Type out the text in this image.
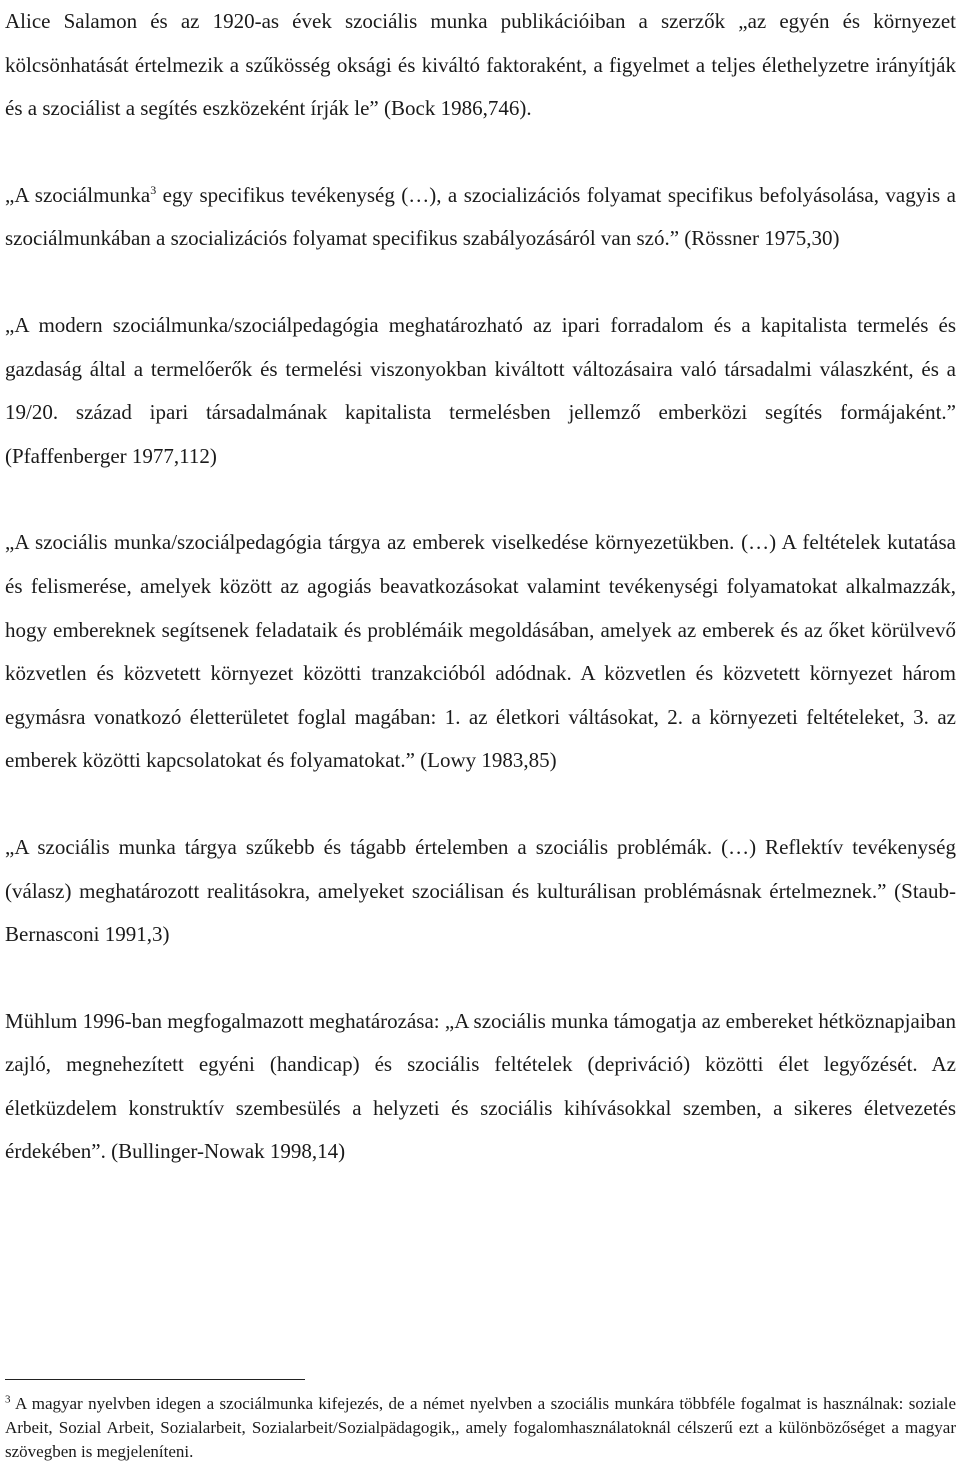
Alice Salamon és az 1920-as évek szociális munka publikációiban a szerzők „az egyén és környezet kölcsönhatását értelmezik a szűkösség oksági és kiváltó faktoraként, a figyelmet a teljes élethelyzetre irányítják és a szociálist a segítés eszközeként írják le” (Bock 1986,746).

„A szociálmunka$^3$ egy specifikus tevékenység (…), a szocializációs folyamat specifikus befolyásolása, vagyis a szociálmunkában a szocializációs folyamat specifikus szabályozásáról van szó.” (Rössner 1975,30)

„A modern szociálmunka/szociálpedagógia meghatározható az ipari forradalom és a kapitalista termelés és gazdaság által a termelőerők és termelési viszonyokban kiváltott változásaira való társadalmi válaszként, és a 19/20. század ipari társadalmának kapitalista termelésben jellemző emberközi segítés formájaként.” (Pfaffenberger 1977,112)

„A szociális munka/szociálpedagógia tárgya az emberek viselkedése környezetükben. (…) A feltételek kutatása és felismerése, amelyek között az agogiás beavatkozásokat valamint tevékenységi folyamatokat alkalmazzák, hogy embereknek segítsenek feladataik és problémáik megoldásában, amelyek az emberek és az őket körülvevő közvetlen és közvetett környezet közötti tranzakcióból adódnak. A közvetlen és közvetett környezet három egymásra vonatkozó életterületet foglal magában: 1. az életkori váltásokat, 2. a környezeti feltételeket, 3. az emberek közötti kapcsolatokat és folyamatokat.” (Lowy 1983,85)

„A szociális munka tárgya szűkebb és tágabb értelemben a szociális problémák. (…) Reflektív tevékenység (válasz) meghatározott realitásokra, amelyeket szociálisan és kulturálisan problémásnak értelmeznek.” (Staub-Bernasconi 1991,3)

Mühlum 1996-ban megfogalmazott meghatározása: „A szociális munka támogatja az embereket hétköznapjaiban zajló, megnehezített egyéni (handicap) és szociális feltételek (depriváció) közötti élet legyőzését. Az életküzdelem konstruktív szembesülés a helyzeti és szociális kihívásokkal szemben, a sikeres életvezetés érdekében”. (Bullinger-Nowak 1998,14)

$^3$ A magyar nyelvben idegen a szociálmunka kifejezés, de a német nyelvben a szociális munkára többféle fogalmat is használnak: soziale Arbeit, Sozial Arbeit, Sozialarbeit, Sozialarbeit/Sozialpädagogik,, amely fogalomhasználatoknál célszerű ezt a különbözőséget a magyar szövegben is megjeleníteni.
